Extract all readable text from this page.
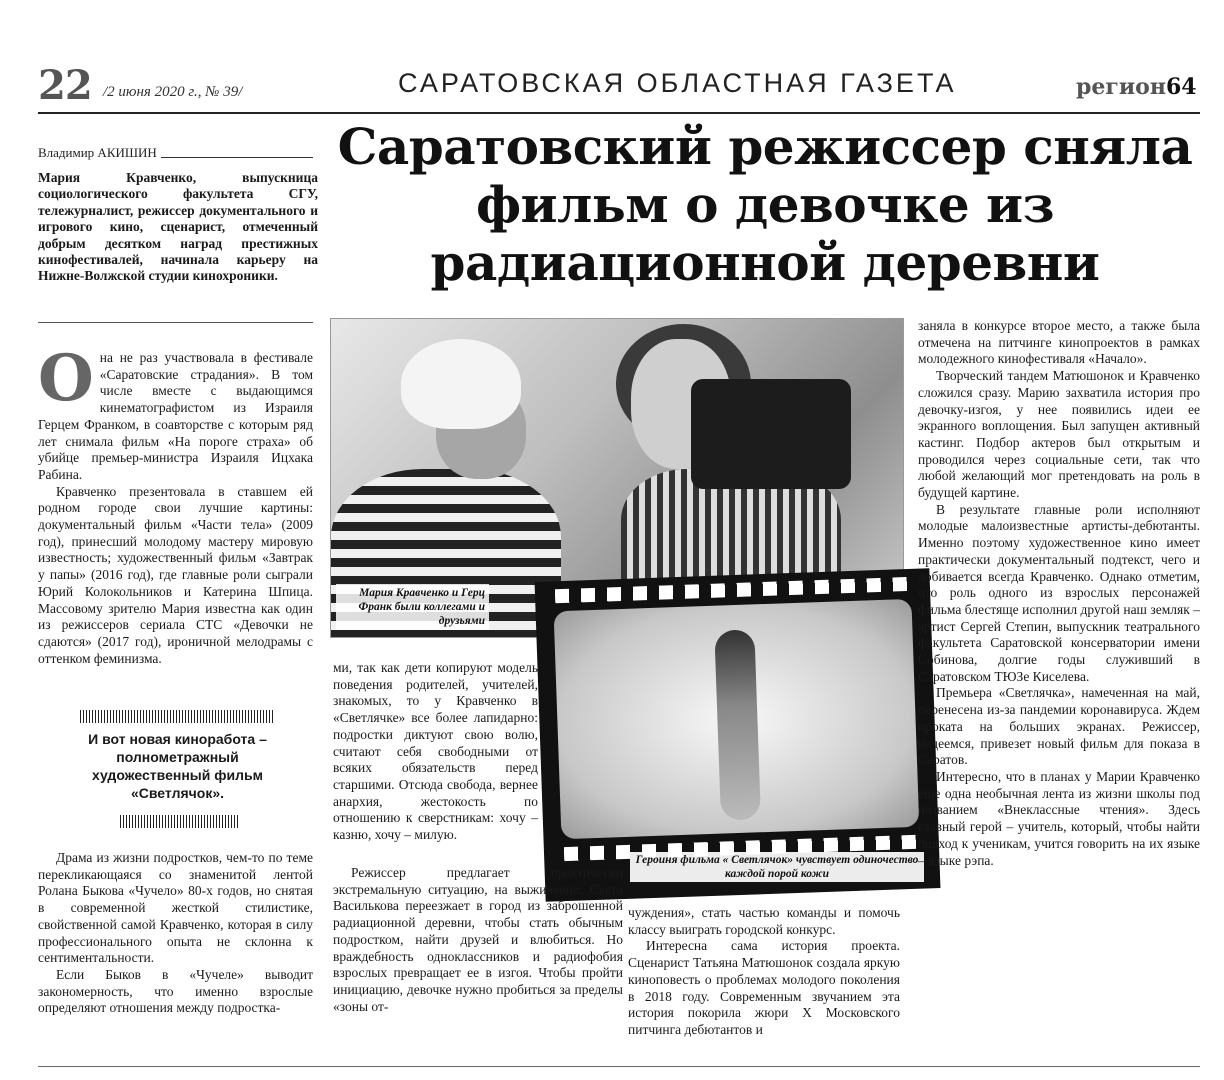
22 /2 июня 2020 г., № 39/	САРАТОВСКАЯ ОБЛАСТНАЯ ГАЗЕТА	регион64
Владимир АКИШИН
Мария Кравченко, выпускница социологического факультета СГУ, тележурналист, режиссер документального и игрового кино, сценарист, отмеченный добрым десятком наград престижных кинофестивалей, начинала карьеру на Нижне-Волжской студии кинохроники.
Саратовский режиссер сняла фильм о девочке из радиационной деревни

Она не раз участвовала в фестивале «Саратовские страдания». В том числе вместе с выдающимся кинематографистом из Израиля Герцем Франком, в соавторстве с которым ряд лет снимала фильм «На пороге страха» об убийце премьер-министра Израиля Ицхака Рабина.

Кравченко презентовала в ставшем ей родном городе свои лучшие картины: документальный фильм «Части тела» (2009 год), принесший молодому мастеру мировую известность; художественный фильм «Завтрак у папы» (2016 год), где главные роли сыграли Юрий Колокольников и Катерина Шпица. Массовому зрителю Мария известна как один из режиссеров сериала СТС «Девочки не сдаются» (2017 год), ироничной мелодрамы с оттенком феминизма.

И вот новая киноработа – полнометражный художественный фильм «Светлячок».

Драма из жизни подростков, чем-то по теме перекликающаяся со знаменитой лентой Ролана Быкова «Чучело» 80-х годов, но снятая в современной жесткой стилистике, свойственной самой Кравченко, которая в силу профессионального опыта не склонна к сентиментальности.

Если Быков в «Чучеле» выводит закономерность, что именно взрослые определяют отношения между подростка-

Мария Кравченко и Герц Франк были коллегами и друзьями
Героиня фильма « Светлячок» чувствует одиночество каждой порой кожи

ми, так как дети копируют модель поведения родителей, учителей, знакомых, то у Кравченко в «Светлячке» все более лапидарно: подростки диктуют свою волю, считают себя свободными от всяких обязательств перед старшими. Отсюда свобода, вернее анархия, жестокость по отношению к сверстникам: хочу – казню, хочу – милую.

Режиссер предлагает практически экстремальную ситуацию, на выживание: Света Василькова переезжает в город из заброшенной радиационной деревни, чтобы стать обычным подростком, найти друзей и влюбиться. Но враждебность одноклассников и радиофобия взрослых превращает ее в изгоя. Чтобы пройти инициацию, девочке нужно пробиться за пределы «зоны от-

чуждения», стать частью команды и помочь классу выиграть городской конкурс.

Интересна сама история проекта. Сценарист Татьяна Матюшонок создала яркую киноповесть о проблемах молодого поколения в 2018 году. Современным звучанием эта история покорила жюри X Московского питчинга дебютантов и

заняла в конкурсе второе место, а также была отмечена на питчинге кинопроектов в рамках молодежного кинофестиваля «Начало».

Творческий тандем Матюшонок и Кравченко сложился сразу. Марию захватила история про девочку-изгоя, у нее появились идеи ее экранного воплощения. Был запущен активный кастинг. Подбор актеров был открытым и проводился через социальные сети, так что любой желающий мог претендовать на роль в будущей картине.

В результате главные роли исполняют молодые малоизвестные артисты-дебютанты. Именно поэтому художественное кино имеет практически документальный подтекст, чего и добивается всегда Кравченко. Однако отметим, что роль одного из взрослых персонажей фильма блестяще исполнил другой наш земляк – артист Сергей Степин, выпускник театрального факультета Саратовской консерватории имени Собинова, долгие годы служивший в Саратовском ТЮЗе Киселева.

Премьера «Светлячка», намеченная на май, перенесена из-за пандемии коронавируса. Ждем проката на больших экранах. Режиссер, надеемся, привезет новый фильм для показа в Саратов.

Интересно, что в планах у Марии Кравченко еще одна необычная лента из жизни школы под названием «Внеклассные чтения». Здесь главный герой – учитель, который, чтобы найти подход к ученикам, учится говорить на их языке – языке рэпа.
